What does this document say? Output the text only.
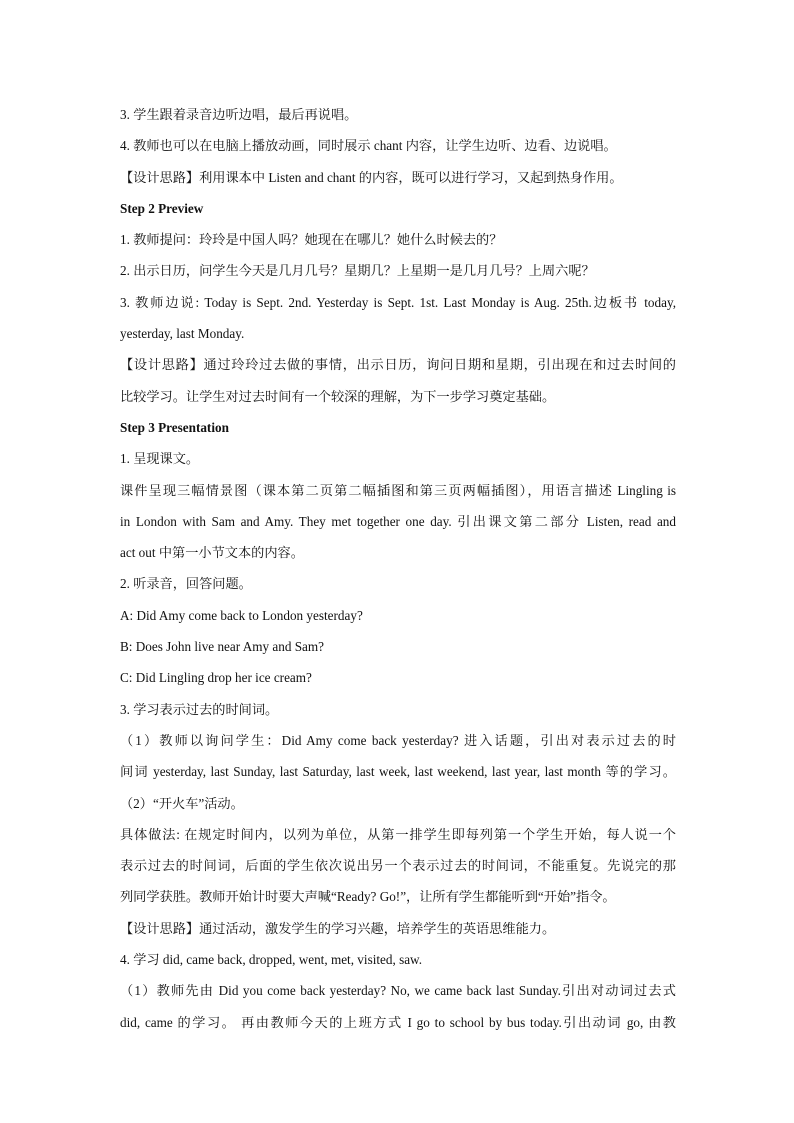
3. 学生跟着录音边听边唱，最后再说唱。
4. 教师也可以在电脑上播放动画，同时展示 chant 内容，让学生边听、边看、边说唱。
【设计思路】利用课本中 Listen and chant 的内容，既可以进行学习，又起到热身作用。
Step 2 Preview
1. 教师提问：玲玲是中国人吗？她现在在哪儿？她什么时候去的？
2. 出示日历，问学生今天是几月几号？星期几？上星期一是几月几号？上周六呢？
3. 教师边说: Today is Sept. 2nd. Yesterday is Sept. 1st. Last Monday is Aug. 25th.边板书 today,
yesterday, last Monday.
【设计思路】通过玲玲过去做的事情，出示日历，询问日期和星期，引出现在和过去时间的
比较学习。让学生对过去时间有一个较深的理解，为下一步学习奠定基础。
Step 3 Presentation
1. 呈现课文。
课件呈现三幅情景图（课本第二页第二幅插图和第三页两幅插图），用语言描述 Lingling is
in London with Sam and Amy. They met together one day. 引出课文第二部分 Listen, read and
act out 中第一小节文本的内容。
2. 听录音，回答问题。
A: Did Amy come back to London yesterday?
B: Does John live near Amy and Sam?
C: Did Lingling drop her ice cream?
3. 学习表示过去的时间词。
（1）教师以询问学生：Did Amy come back yesterday? 进入话题，引出对表示过去的时
间词 yesterday, last Sunday, last Saturday, last week, last weekend, last year, last month 等的学习。
（2）“开火车”活动。
具体做法: 在规定时间内，以列为单位，从第一排学生即每列第一个学生开始，每人说一个
表示过去的时间词，后面的学生依次说出另一个表示过去的时间词，不能重复。先说完的那
列同学获胜。教师开始计时要大声喊“Ready? Go!”，让所有学生都能听到“开始”指令。
【设计思路】通过活动，激发学生的学习兴趣，培养学生的英语思维能力。
4. 学习 did, came back, dropped, went, met, visited, saw.
（1）教师先由 Did you come back yesterday? No, we came back last Sunday.引出对动词过去式
did, came 的学习。 再由教师今天的上班方式 I go to school by bus today.引出动词 go, 由教
